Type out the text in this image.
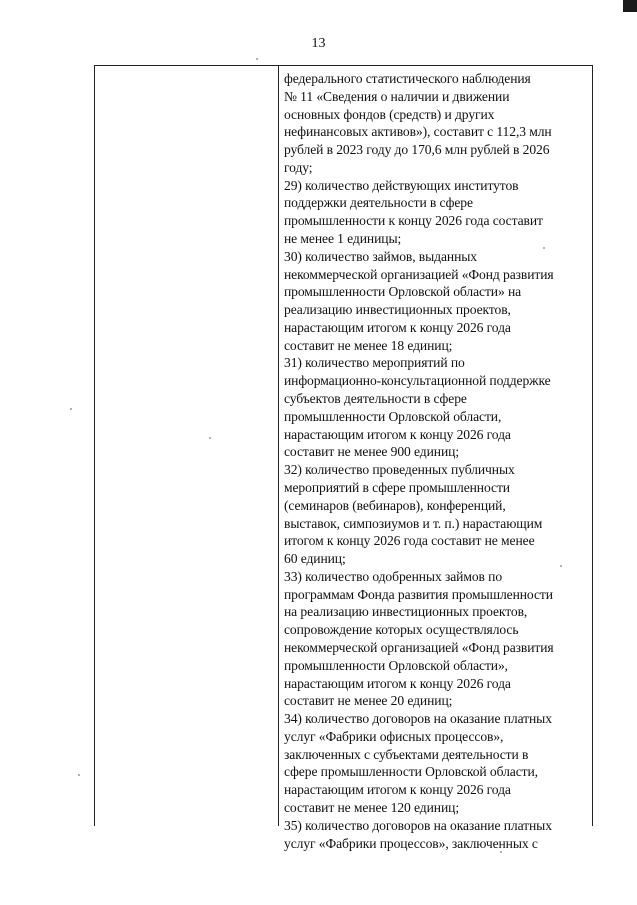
13
федерального статистического наблюдения
№ 11 «Сведения о наличии и движении
основных фондов (средств) и других
нефинансовых активов»), составит с 112,3 млн
рублей в 2023 году до 170,6 млн рублей в 2026
году;
29) количество действующих институтов
поддержки деятельности в сфере
промышленности к концу 2026 года составит
не менее 1 единицы;
30) количество займов, выданных
некоммерческой организацией «Фонд развития
промышленности Орловской области» на
реализацию инвестиционных проектов,
нарастающим итогом к концу 2026 года
составит не менее 18 единиц;
31) количество мероприятий по
информационно-консультационной поддержке
субъектов деятельности в сфере
промышленности Орловской области,
нарастающим итогом к концу 2026 года
составит не менее 900 единиц;
32) количество проведенных публичных
мероприятий в сфере промышленности
(семинаров (вебинаров), конференций,
выставок, симпозиумов и т. п.) нарастающим
итогом к концу 2026 года составит не менее
60 единиц;
33) количество одобренных займов по
программам Фонда развития промышленности
на реализацию инвестиционных проектов,
сопровождение которых осуществлялось
некоммерческой организацией «Фонд развития
промышленности Орловской области»,
нарастающим итогом к концу 2026 года
составит не менее 20 единиц;
34) количество договоров на оказание платных
услуг «Фабрики офисных процессов»,
заключенных с субъектами деятельности в
сфере промышленности Орловской области,
нарастающим итогом к концу 2026 года
составит не менее 120 единиц;
35) количество договоров на оказание платных
услуг «Фабрики процессов», заключенных с
